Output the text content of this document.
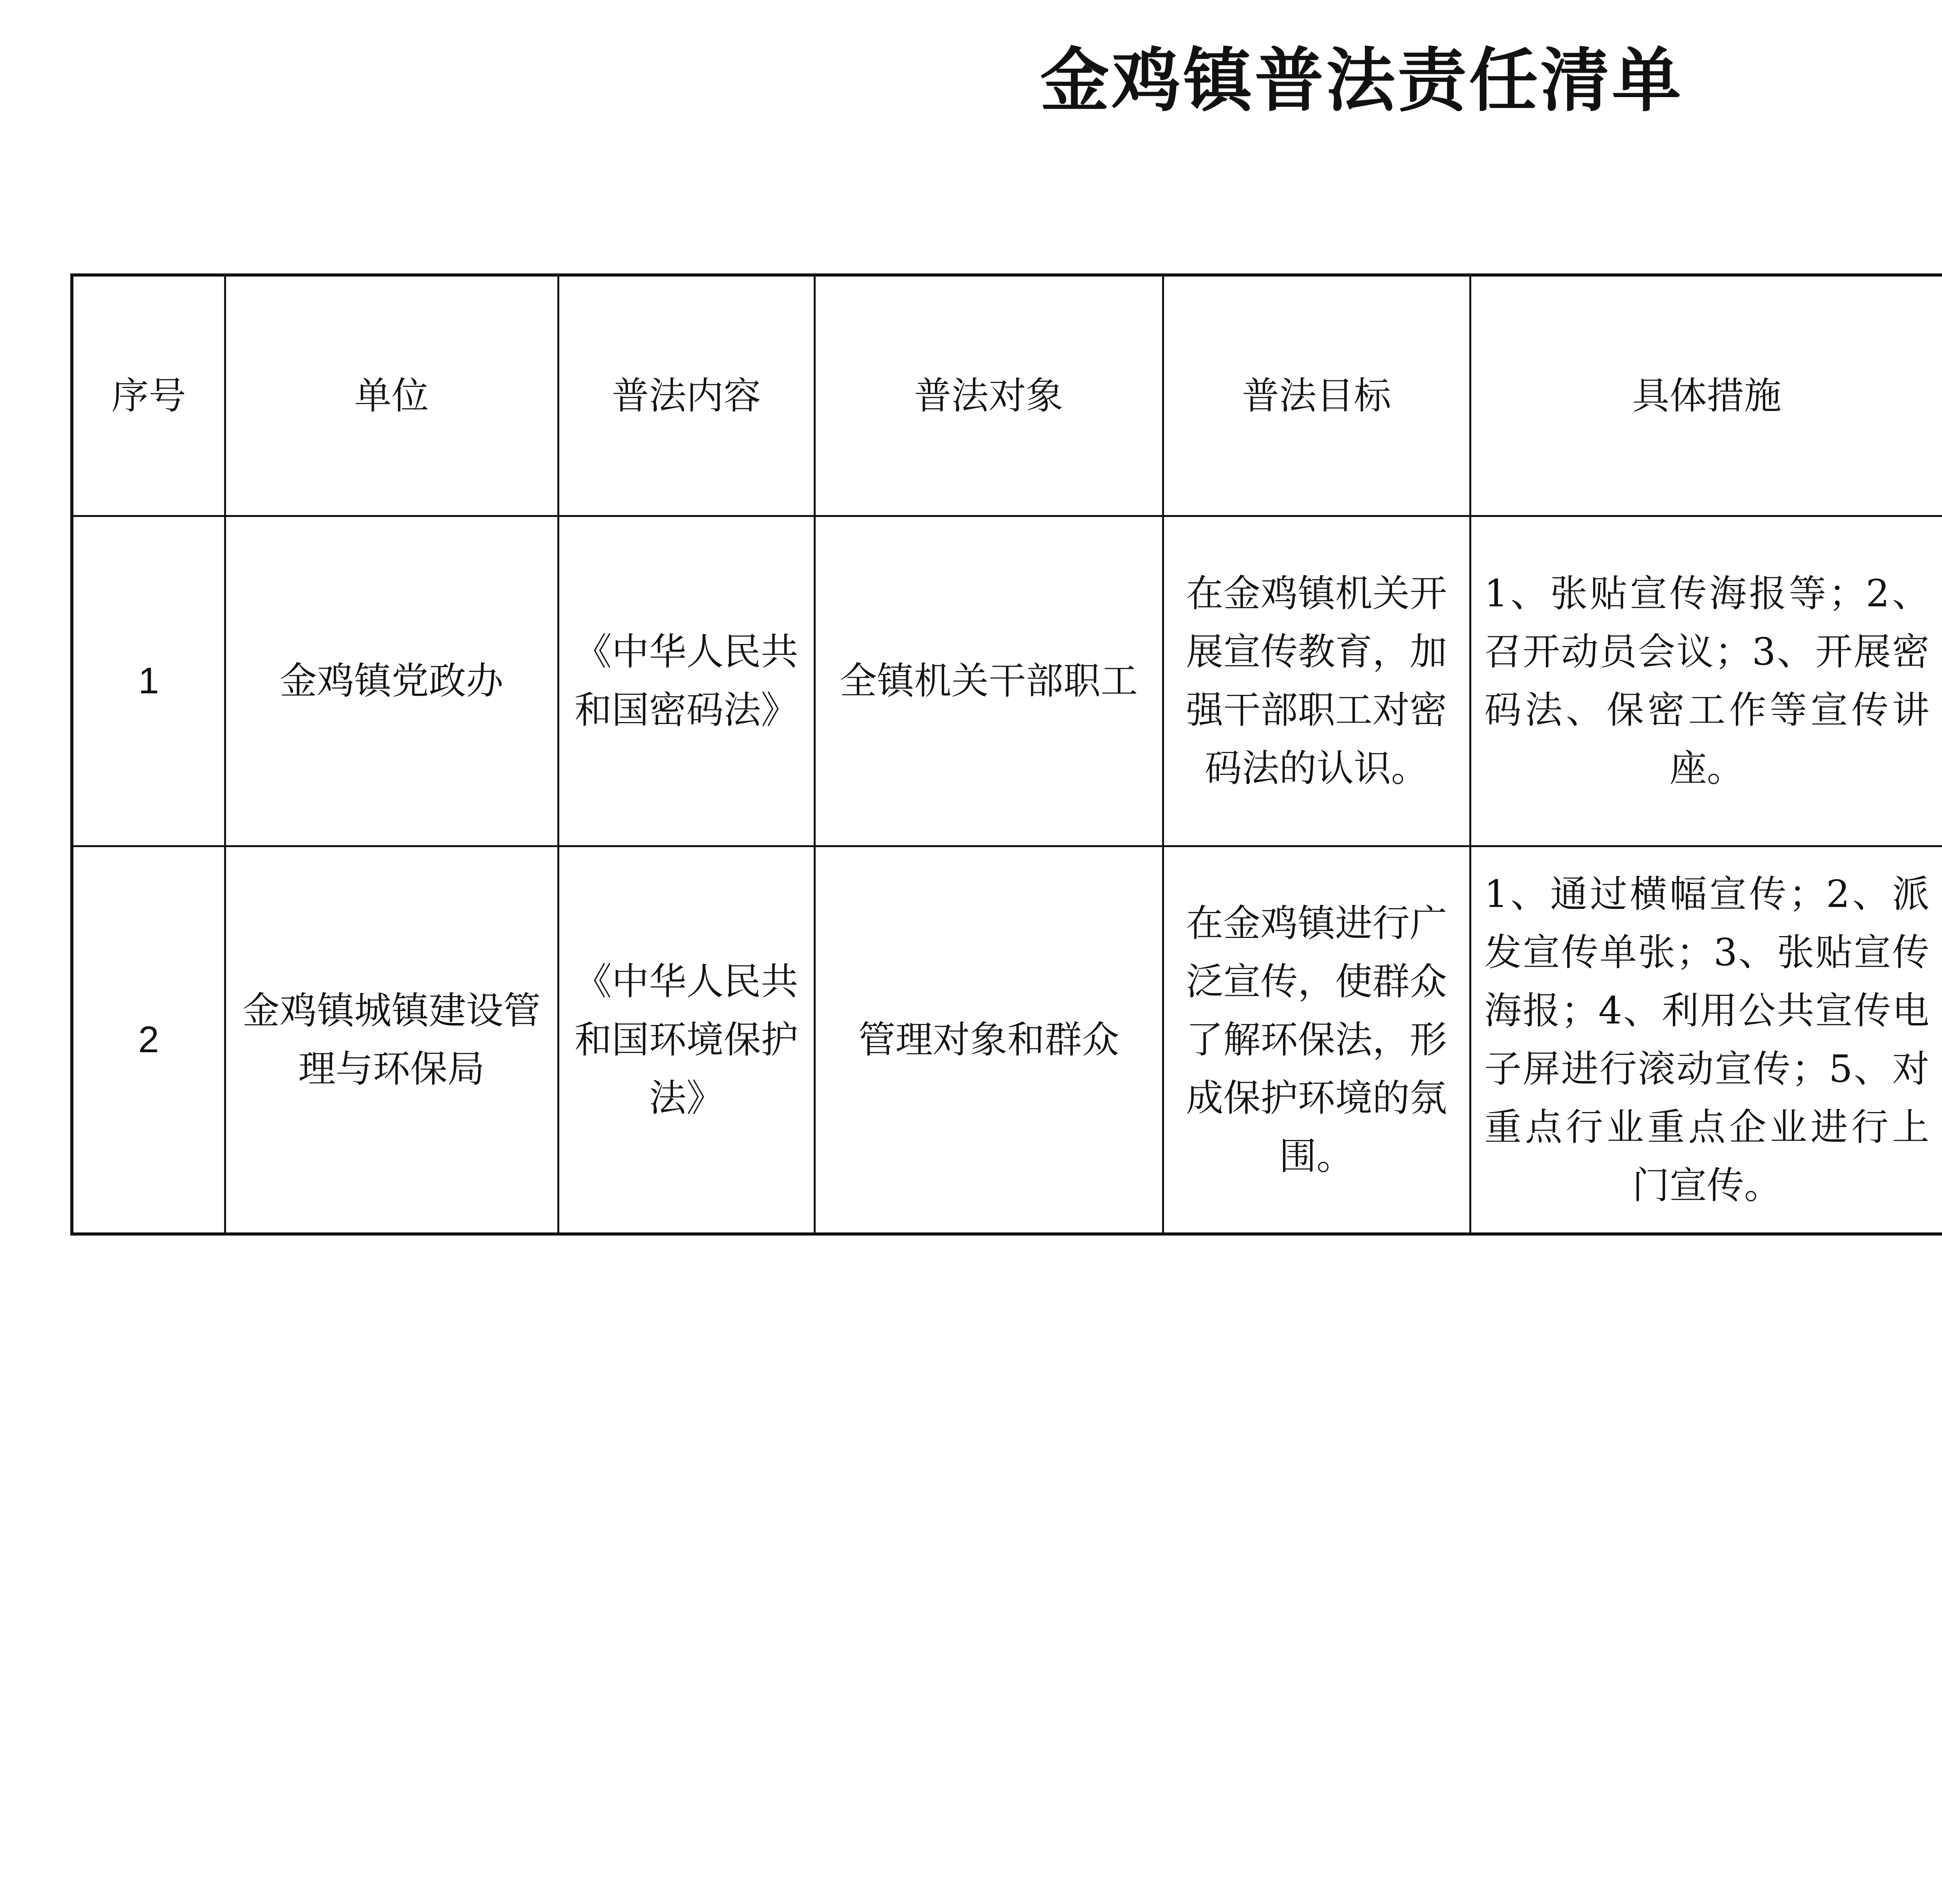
金鸡镇普法责任清单
序号	单位	普法内容	普法对象	普法目标	具体措施	

1	金鸡镇党政办	《中华人民共和国密码法》	全镇机关干部职工	在金鸡镇机关开展宣传教育，加强干部职工对密码法的认识。	1、张贴宣传海报等；2、召开动员会议；3、开展密码法、保密工作等宣传讲座。			

2	金鸡镇城镇建设管理与环保局	《中华人民共和国环境保护法》	管理对象和群众	在金鸡镇进行广泛宣传，使群众了解环保法，形成保护环境的氛围。	1、通过横幅宣传；2、派发宣传单张；3、张贴宣传海报；4、利用公共宣传电子屏进行滚动宣传；5、对重点行业重点企业进行上门宣传。			
